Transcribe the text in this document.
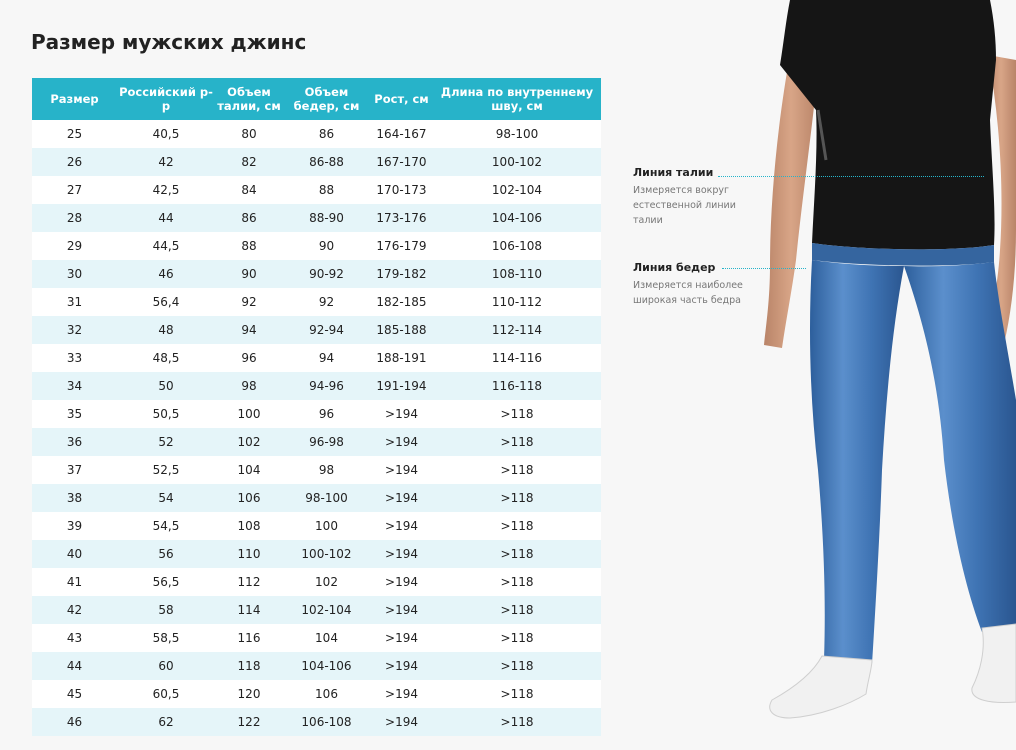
Размер мужских джинс
Размер	Российский р-р	Объем талии, см	Объем бедер, см	Рост, см	Длина по внутреннему шву, см
25	40,5	80	86	164-167	98-100
26	42	82	86-88	167-170	100-102
27	42,5	84	88	170-173	102-104
28	44	86	88-90	173-176	104-106
29	44,5	88	90	176-179	106-108
30	46	90	90-92	179-182	108-110
31	56,4	92	92	182-185	110-112
32	48	94	92-94	185-188	112-114
33	48,5	96	94	188-191	114-116
34	50	98	94-96	191-194	116-118
35	50,5	100	96	>194	>118
36	52	102	96-98	>194	>118
37	52,5	104	98	>194	>118
38	54	106	98-100	>194	>118
39	54,5	108	100	>194	>118
40	56	110	100-102	>194	>118
41	56,5	112	102	>194	>118
42	58	114	102-104	>194	>118
43	58,5	116	104	>194	>118
44	60	118	104-106	>194	>118
45	60,5	120	106	>194	>118
46	62	122	106-108	>194	>118
Линия талии
Измеряется вокруг естественной линии талии
Линия бедер
Измеряется наиболее широкая часть бедра
